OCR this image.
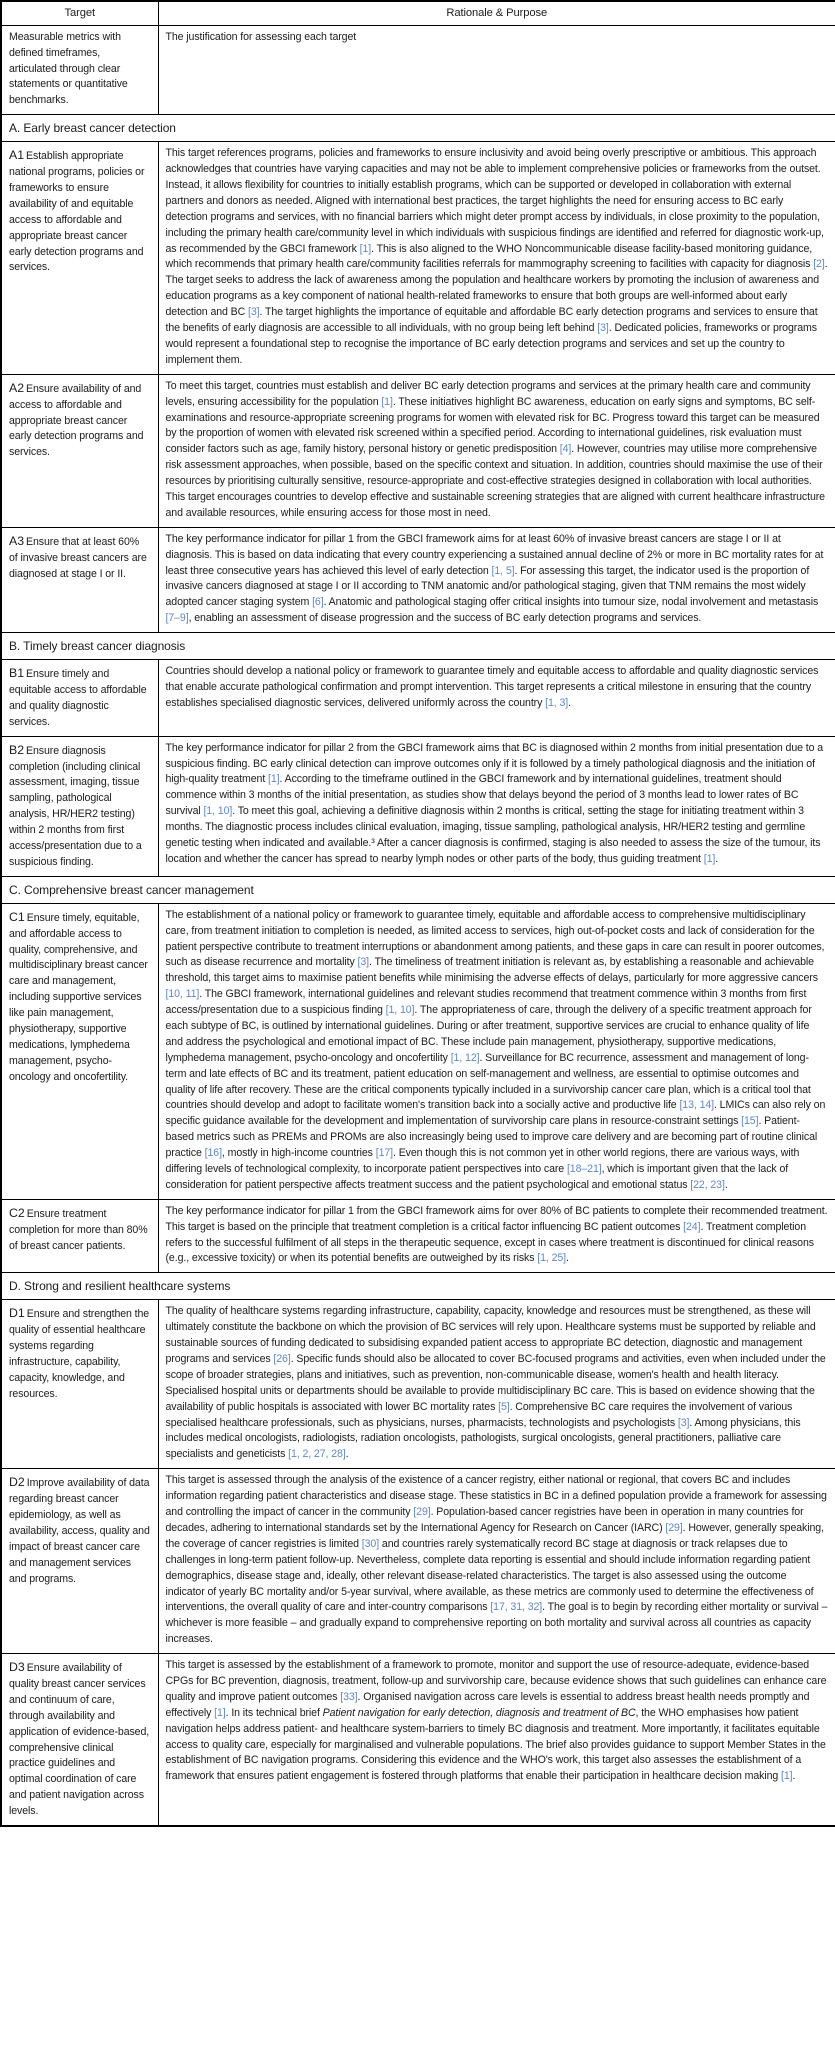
Target	Rationale & Purpose
Measurable metrics with defined timeframes, articulated through clear statements or quantitative benchmarks.	The justification for assessing each target
A. Early breast cancer detection	
A1 Establish appropriate national programs, policies or frameworks to ensure availability of and equitable access to affordable and appropriate breast cancer early detection programs and services.	This target references programs, policies and frameworks to ensure inclusivity and avoid being overly prescriptive or ambitious. This approach acknowledges that countries have varying capacities and may not be able to implement comprehensive policies or frameworks from the outset. Instead, it allows flexibility for countries to initially establish programs, which can be supported or developed in collaboration with external partners and donors as needed. Aligned with international best practices, the target highlights the need for ensuring access to BC early detection programs and services, with no financial barriers which might deter prompt access by individuals, in close proximity to the population, including the primary health care/community level in which individuals with suspicious findings are identified and referred for diagnostic work-up, as recommended by the GBCI framework [1]. This is also aligned to the WHO Noncommunicable disease facility-based monitoring guidance, which recommends that primary health care/community facilities referrals for mammography screening to facilities with capacity for diagnosis [2]. The target seeks to address the lack of awareness among the population and healthcare workers by promoting the inclusion of awareness and education programs as a key component of national health-related frameworks to ensure that both groups are well-informed about early detection and BC [3]. The target highlights the importance of equitable and affordable BC early detection programs and services to ensure that the benefits of early diagnosis are accessible to all individuals, with no group being left behind [3]. Dedicated policies, frameworks or programs would represent a foundational step to recognise the importance of BC early detection programs and services and set up the country to implement them.
A2 Ensure availability of and access to affordable and appropriate breast cancer early detection programs and services.	To meet this target, countries must establish and deliver BC early detection programs and services at the primary health care and community levels, ensuring accessibility for the population [1]. These initiatives highlight BC awareness, education on early signs and symptoms, BC self-examinations and resource-appropriate screening programs for women with elevated risk for BC. Progress toward this target can be measured by the proportion of women with elevated risk screened within a specified period. According to international guidelines, risk evaluation must consider factors such as age, family history, personal history or genetic predisposition [4]. However, countries may utilise more comprehensive risk assessment approaches, when possible, based on the specific context and situation. In addition, countries should maximise the use of their resources by prioritising culturally sensitive, resource-appropriate and cost-effective strategies designed in collaboration with local authorities. This target encourages countries to develop effective and sustainable screening strategies that are aligned with current healthcare infrastructure and available resources, while ensuring access for those most in need.
A3 Ensure that at least 60% of invasive breast cancers are diagnosed at stage I or II.	The key performance indicator for pillar 1 from the GBCI framework aims for at least 60% of invasive breast cancers are stage I or II at diagnosis. This is based on data indicating that every country experiencing a sustained annual decline of 2% or more in BC mortality rates for at least three consecutive years has achieved this level of early detection [1, 5]. For assessing this target, the indicator used is the proportion of invasive cancers diagnosed at stage I or II according to TNM anatomic and/or pathological staging, given that TNM remains the most widely adopted cancer staging system [6]. Anatomic and pathological staging offer critical insights into tumour size, nodal involvement and metastasis [7–9], enabling an assessment of disease progression and the success of BC early detection programs and services.
B. Timely breast cancer diagnosis	
B1 Ensure timely and equitable access to affordable and quality diagnostic services.	Countries should develop a national policy or framework to guarantee timely and equitable access to affordable and quality diagnostic services that enable accurate pathological confirmation and prompt intervention. This target represents a critical milestone in ensuring that the country establishes specialised diagnostic services, delivered uniformly across the country [1, 3].
B2 Ensure diagnosis completion (including clinical assessment, imaging, tissue sampling, pathological analysis, HR/HER2 testing) within 2 months from first access/presentation due to a suspicious finding.	The key performance indicator for pillar 2 from the GBCI framework aims that BC is diagnosed within 2 months from initial presentation due to a suspicious finding. BC early clinical detection can improve outcomes only if it is followed by a timely pathological diagnosis and the initiation of high-quality treatment [1]. According to the timeframe outlined in the GBCI framework and by international guidelines, treatment should commence within 3 months of the initial presentation, as studies show that delays beyond the period of 3 months lead to lower rates of BC survival [1, 10]. To meet this goal, achieving a definitive diagnosis within 2 months is critical, setting the stage for initiating treatment within 3 months. The diagnostic process includes clinical evaluation, imaging, tissue sampling, pathological analysis, HR/HER2 testing and germline genetic testing when indicated and available.³ After a cancer diagnosis is confirmed, staging is also needed to assess the size of the tumour, its location and whether the cancer has spread to nearby lymph nodes or other parts of the body, thus guiding treatment [1].
C. Comprehensive breast cancer management	
C1 Ensure timely, equitable, and affordable access to quality, comprehensive, and multidisciplinary breast cancer care and management, including supportive services like pain management, physiotherapy, supportive medications, lymphedema management, psycho-oncology and oncofertility.	The establishment of a national policy or framework to guarantee timely, equitable and affordable access to comprehensive multidisciplinary care, from treatment initiation to completion is needed, as limited access to services, high out-of-pocket costs and lack of consideration for the patient perspective contribute to treatment interruptions or abandonment among patients, and these gaps in care can result in poorer outcomes, such as disease recurrence and mortality [3]. The timeliness of treatment initiation is relevant as, by establishing a reasonable and achievable threshold, this target aims to maximise patient benefits while minimising the adverse effects of delays, particularly for more aggressive cancers [10, 11]. The GBCI framework, international guidelines and relevant studies recommend that treatment commence within 3 months from first access/presentation due to a suspicious finding [1, 10]. The appropriateness of care, through the delivery of a specific treatment approach for each subtype of BC, is outlined by international guidelines. During or after treatment, supportive services are crucial to enhance quality of life and address the psychological and emotional impact of BC. These include pain management, physiotherapy, supportive medications, lymphedema management, psycho-oncology and oncofertility [1, 12]. Surveillance for BC recurrence, assessment and management of long-term and late effects of BC and its treatment, patient education on self-management and wellness, are essential to optimise outcomes and quality of life after recovery. These are the critical components typically included in a survivorship cancer care plan, which is a critical tool that countries should develop and adopt to facilitate women's transition back into a socially active and productive life [13, 14]. LMICs can also rely on specific guidance available for the development and implementation of survivorship care plans in resource-constraint settings [15]. Patient-based metrics such as PREMs and PROMs are also increasingly being used to improve care delivery and are becoming part of routine clinical practice [16], mostly in high-income countries [17]. Even though this is not common yet in other world regions, there are various ways, with differing levels of technological complexity, to incorporate patient perspectives into care [18–21], which is important given that the lack of consideration for patient perspective affects treatment success and the patient psychological and emotional status [22, 23].
C2 Ensure treatment completion for more than 80% of breast cancer patients.	The key performance indicator for pillar 1 from the GBCI framework aims for over 80% of BC patients to complete their recommended treatment. This target is based on the principle that treatment completion is a critical factor influencing BC patient outcomes [24]. Treatment completion refers to the successful fulfilment of all steps in the therapeutic sequence, except in cases where treatment is discontinued for clinical reasons (e.g., excessive toxicity) or when its potential benefits are outweighed by its risks [1, 25].
D. Strong and resilient healthcare systems	
D1 Ensure and strengthen the quality of essential healthcare systems regarding infrastructure, capability, capacity, knowledge, and resources.	The quality of healthcare systems regarding infrastructure, capability, capacity, knowledge and resources must be strengthened, as these will ultimately constitute the backbone on which the provision of BC services will rely upon. Healthcare systems must be supported by reliable and sustainable sources of funding dedicated to subsidising expanded patient access to appropriate BC detection, diagnostic and management programs and services [26]. Specific funds should also be allocated to cover BC-focused programs and activities, even when included under the scope of broader strategies, plans and initiatives, such as prevention, non-communicable disease, women's health and health literacy. Specialised hospital units or departments should be available to provide multidisciplinary BC care. This is based on evidence showing that the availability of public hospitals is associated with lower BC mortality rates [5]. Comprehensive BC care requires the involvement of various specialised healthcare professionals, such as physicians, nurses, pharmacists, technologists and psychologists [3]. Among physicians, this includes medical oncologists, radiologists, radiation oncologists, pathologists, surgical oncologists, general practitioners, palliative care specialists and geneticists [1, 2, 27, 28].
D2 Improve availability of data regarding breast cancer epidemiology, as well as availability, access, quality and impact of breast cancer care and management services and programs.	This target is assessed through the analysis of the existence of a cancer registry, either national or regional, that covers BC and includes information regarding patient characteristics and disease stage. These statistics in BC in a defined population provide a framework for assessing and controlling the impact of cancer in the community [29]. Population-based cancer registries have been in operation in many countries for decades, adhering to international standards set by the International Agency for Research on Cancer (IARC) [29]. However, generally speaking, the coverage of cancer registries is limited [30] and countries rarely systematically record BC stage at diagnosis or track relapses due to challenges in long-term patient follow-up. Nevertheless, complete data reporting is essential and should include information regarding patient demographics, disease stage and, ideally, other relevant disease-related characteristics. The target is also assessed using the outcome indicator of yearly BC mortality and/or 5-year survival, where available, as these metrics are commonly used to determine the effectiveness of interventions, the overall quality of care and inter-country comparisons [17, 31, 32]. The goal is to begin by recording either mortality or survival – whichever is more feasible – and gradually expand to comprehensive reporting on both mortality and survival across all countries as capacity increases.
D3 Ensure availability of quality breast cancer services and continuum of care, through availability and application of evidence-based, comprehensive clinical practice guidelines and optimal coordination of care and patient navigation across levels.	This target is assessed by the establishment of a framework to promote, monitor and support the use of resource-adequate, evidence-based CPGs for BC prevention, diagnosis, treatment, follow-up and survivorship care, because evidence shows that such guidelines can enhance care quality and improve patient outcomes [33]. Organised navigation across care levels is essential to address breast health needs promptly and effectively [1]. In its technical brief Patient navigation for early detection, diagnosis and treatment of BC, the WHO emphasises how patient navigation helps address patient- and healthcare system-barriers to timely BC diagnosis and treatment. More importantly, it facilitates equitable access to quality care, especially for marginalised and vulnerable populations. The brief also provides guidance to support Member States in the establishment of BC navigation programs. Considering this evidence and the WHO's work, this target also assesses the establishment of a framework that ensures patient engagement is fostered through platforms that enable their participation in healthcare decision making [1].
